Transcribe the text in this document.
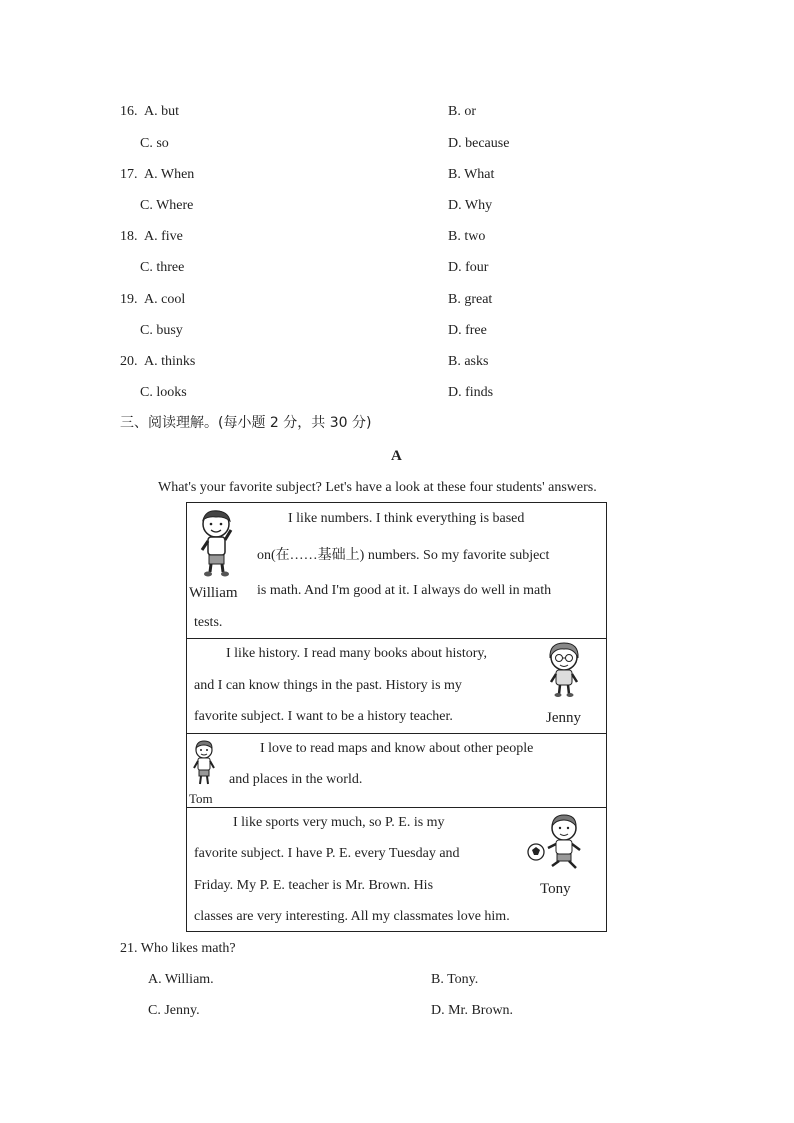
16. A. but	B. or
C. so	D. because
17. A. When	B. What
C. Where	D. Why
18. A. five	B. two
C. three	D. four
19. A. cool	B. great
C. busy	D. free
20. A. thinks	B. asks
C. looks	D. finds
三、阅读理解。(每小题 2 分，共 30 分)
A
What's your favorite subject? Let's have a look at these four students' answers.
William
I like numbers. I think everything is based
on(在……基础上) numbers. So my favorite subject
is math. And I'm good at it. I always do well in math
tests.
I like history. I read many books about history,
and I can know things in the past. History is my
favorite subject. I want to be a history teacher.	Jenny
Tom
I love to read maps and know about other people
and places in the world.
I like sports very much, so P. E. is my
favorite subject. I have P. E. every Tuesday and
Friday. My P. E. teacher is Mr. Brown. His
classes are very interesting. All my classmates love him.
Tony
21. Who likes math?
A. William.	B. Tony.
C. Jenny.	D. Mr. Brown.
